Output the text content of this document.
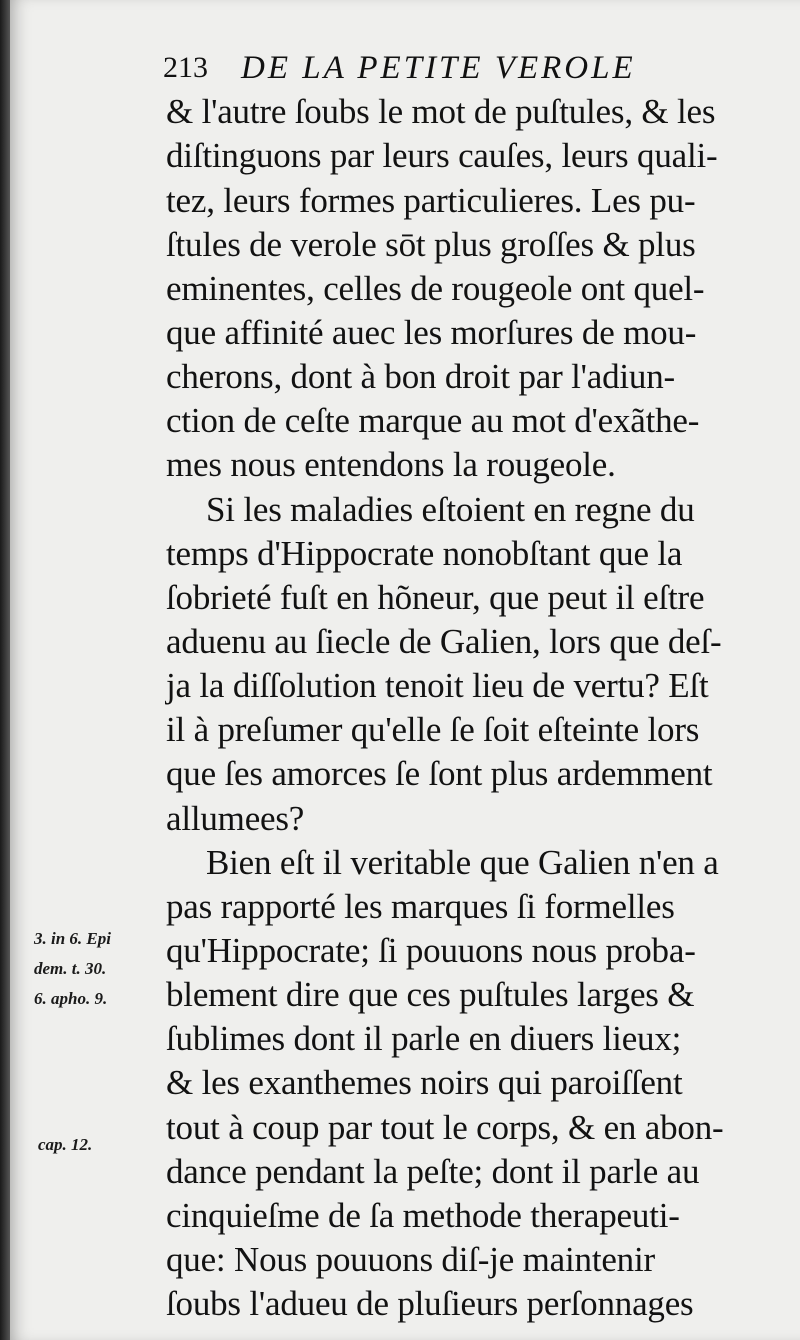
213 DE LA PETITE VEROLE
& l'autre ſoubs le mot de puſtules, & les
diſtinguons par leurs cauſes, leurs quali-
tez, leurs formes particulieres. Les pu-
ſtules de verole sōt plus groſſes & plus
eminentes, celles de rougeole ont quel-
que affinité auec les morſures de mou-
cherons, dont à bon droit par l'adiun-
ction de ceſte marque au mot d'exãthe-
mes nous entendons la rougeole.
Si les maladies eſtoient en regne du
temps d'Hippocrate nonobſtant que la
ſobrieté fuſt en hõneur, que peut il eſtre
aduenu au ſiecle de Galien, lors que deſ-
ja la diſſolution tenoit lieu de vertu? Eſt
il à preſumer qu'elle ſe ſoit eſteinte lors
que ſes amorces ſe ſont plus ardemment
allumees?
Bien eſt il veritable que Galien n'en a
pas rapporté les marques ſi formelles
qu'Hippocrate; ſi pouuons nous proba-
blement dire que ces puſtules larges &
ſublimes dont il parle en diuers lieux;
& les exanthemes noirs qui paroiſſent
tout à coup par tout le corps, & en abon-
dance pendant la peſte; dont il parle au
cinquieſme de ſa methode therapeuti-
que: Nous pouuons diſ-je maintenir
ſoubs l'adueu de pluſieurs perſonnages
3. in 6. Epi
dem. t. 30.
6. apho. 9.
cap. 12.
